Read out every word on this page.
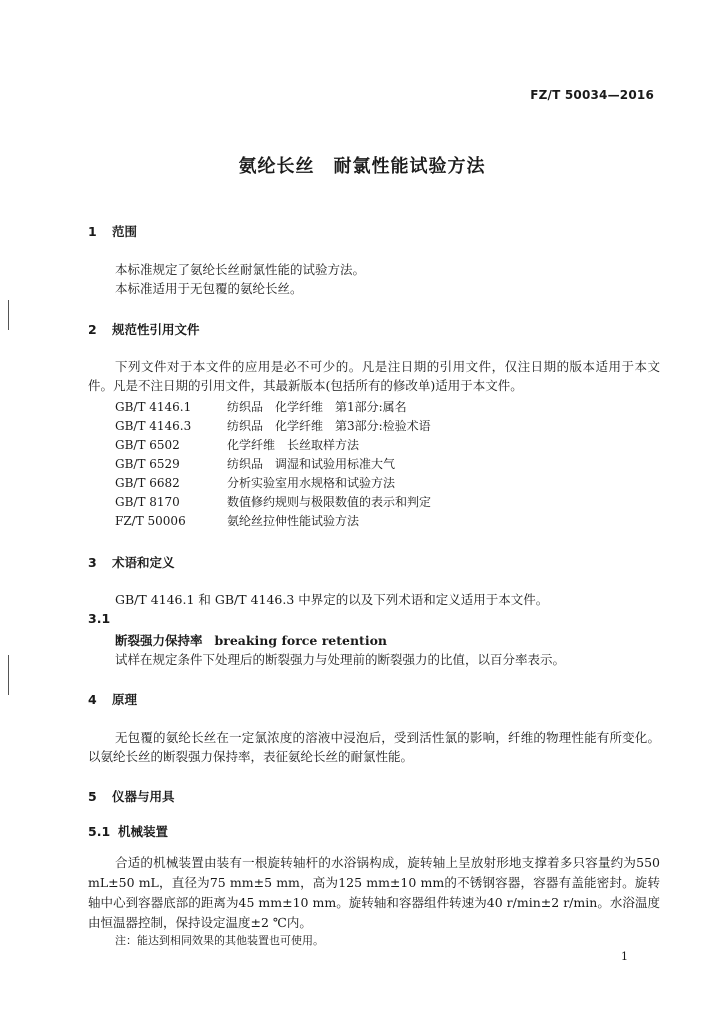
FZ/T 50034—2016
氨纶长丝　耐氯性能试验方法
1 范围
本标准规定了氨纶长丝耐氯性能的试验方法。
本标准适用于无包覆的氨纶长丝。
2 规范性引用文件
下列文件对于本文件的应用是必不可少的。凡是注日期的引用文件，仅注日期的版本适用于本文件。凡是不注日期的引用文件，其最新版本(包括所有的修改单)适用于本文件。
GB/T 4146.1	纺织品　化学纤维　第1部分:属名
GB/T 4146.3	纺织品　化学纤维　第3部分:检验术语
GB/T 6502	化学纤维　长丝取样方法
GB/T 6529	纺织品　调湿和试验用标准大气
GB/T 6682	分析实验室用水规格和试验方法
GB/T 8170	数值修约规则与极限数值的表示和判定
FZ/T 50006	氨纶丝拉伸性能试验方法
3 术语和定义
GB/T 4146.1 和 GB/T 4146.3 中界定的以及下列术语和定义适用于本文件。
3.1
断裂强力保持率 breaking force retention
试样在规定条件下处理后的断裂强力与处理前的断裂强力的比值，以百分率表示。
4 原理
无包覆的氨纶长丝在一定氯浓度的溶液中浸泡后，受到活性氯的影响，纤维的物理性能有所变化。以氨纶长丝的断裂强力保持率，表征氨纶长丝的耐氯性能。
5 仪器与用具
5.1 机械装置
合适的机械装置由装有一根旋转轴杆的水浴锅构成，旋转轴上呈放射形地支撑着多只容量约为550 mL±50 mL，直径为75 mm±5 mm，高为125 mm±10 mm的不锈钢容器，容器有盖能密封。旋转轴中心到容器底部的距离为45 mm±10 mm。旋转轴和容器组件转速为40 r/min±2 r/min。水浴温度由恒温器控制，保持设定温度±2 ℃内。
注：能达到相同效果的其他装置也可使用。
1
